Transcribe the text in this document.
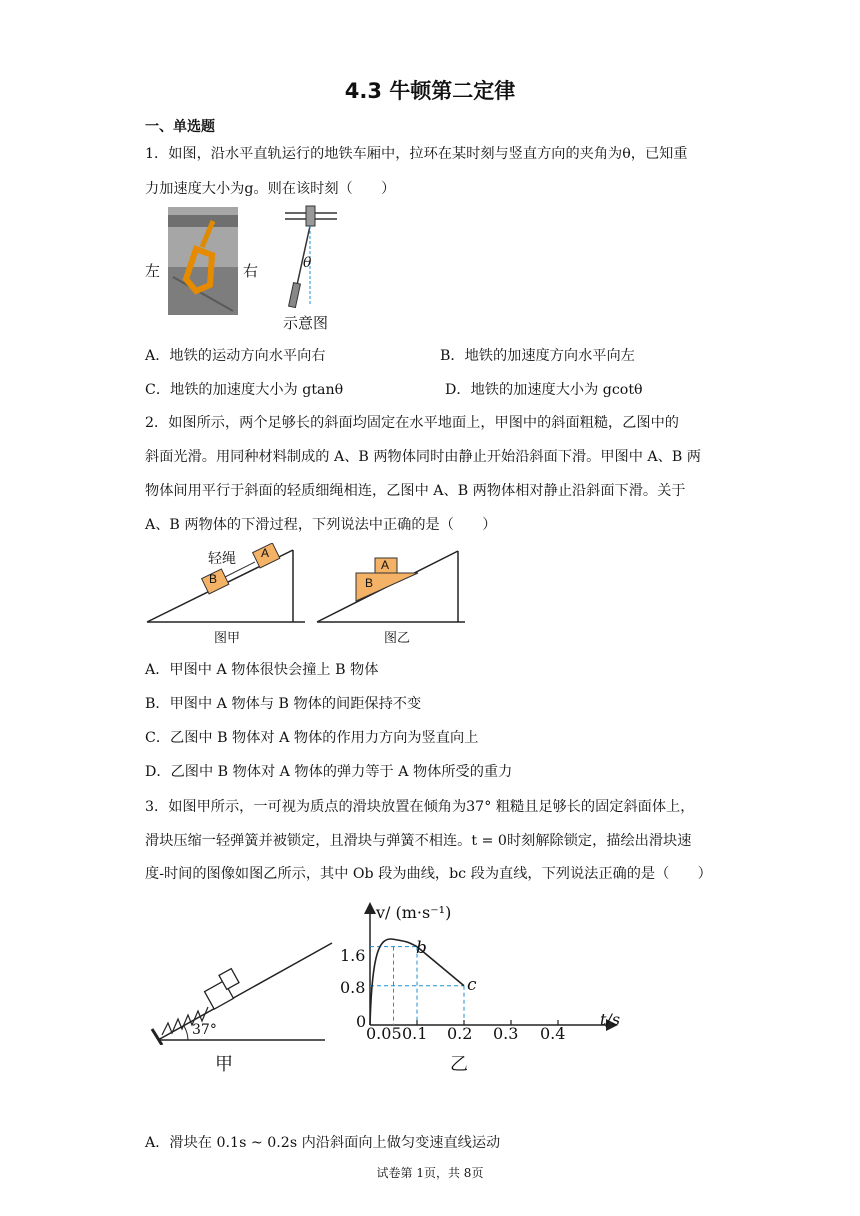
4.3 牛顿第二定律
一、单选题
1．如图，沿水平直轨运行的地铁车厢中，拉环在某时刻与竖直方向的夹角为θ，已知重
力加速度大小为g。则在该时刻（　　）
左	右	θ
示意图
A．地铁的运动方向水平向右	B．地铁的加速度方向水平向左
C．地铁的加速度大小为 gtanθ	D．地铁的加速度大小为 gcotθ
2．如图所示，两个足够长的斜面均固定在水平地面上，甲图中的斜面粗糙，乙图中的
斜面光滑。用同种材料制成的 A、B 两物体同时由静止开始沿斜面下滑。甲图中 A、B 两
物体间用平行于斜面的轻质细绳相连，乙图中 A、B 两物体相对静止沿斜面下滑。关于
A、B 两物体的下滑过程，下列说法中正确的是（　　）
轻绳
B
A
A
B
图甲	图乙
A．甲图中 A 物体很快会撞上 B 物体
B．甲图中 A 物体与 B 物体的间距保持不变
C．乙图中 B 物体对 A 物体的作用力方向为竖直向上
D．乙图中 B 物体对 A 物体的弹力等于 A 物体所受的重力
3．如图甲所示，一可视为质点的滑块放置在倾角为37° 粗糙且足够长的固定斜面体上，
滑块压缩一轻弹簧并被锁定，且滑块与弹簧不相连。t = 0时刻解除锁定，描绘出滑块速
度-时间的图像如图乙所示，其中 Ob 段为曲线，bc 段为直线，下列说法正确的是（　　）
37°
甲
v/ (m·s⁻¹)
t/s
1.6
0.8
0
0.05 0.1 0.2 0.3 0.4
b
c
乙
A．滑块在 0.1s ~ 0.2s 内沿斜面向上做匀变速直线运动
试卷第 1页，共 8页
